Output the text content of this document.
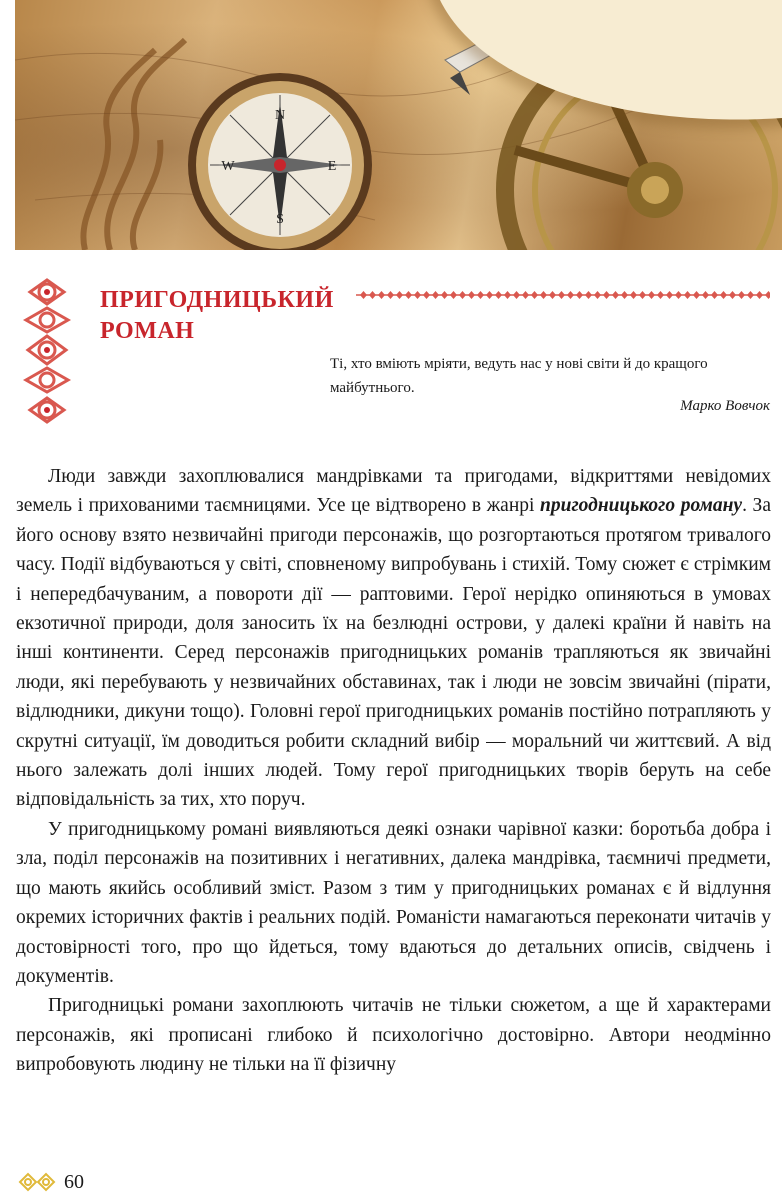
N
S
W	E
ПРИГОДНИЦЬКИЙ
РОМАН

Ті, хто вміють мріяти, ведуть нас у нові світи й до кращого майбутнього.

Марко Вовчок

Люди завжди захоплювалися мандрівками та пригодами, відкриттями невідомих земель і прихованими таємницями. Усе це відтворено в жанрі пригодницького роману. За його основу взято незвичайні пригоди персонажів, що розгортаються протягом тривалого часу. Події відбуваються у світі, сповненому випробувань і стихій. Тому сюжет є стрімким і непередбачуваним, а повороти дії — раптовими. Герої нерідко опиняються в умовах екзотичної природи, доля заносить їх на безлюдні острови, у далекі країни й навіть на інші континенти. Серед персонажів пригодницьких романів трапляються як звичайні люди, які перебувають у незвичайних обставинах, так і люди не зовсім звичайні (пірати, відлюдники, дикуни тощо). Головні герої пригодницьких романів постійно потрапляють у скрутні ситуації, їм доводиться робити складний вибір — моральний чи життєвий. А від нього залежать долі інших людей. Тому герої пригодницьких творів беруть на себе відповідальність за тих, хто поруч.

У пригодницькому романі виявляються деякі ознаки чарівної казки: боротьба добра і зла, поділ персонажів на позитивних і негативних, далека мандрівка, таємничі предмети, що мають якийсь особливий зміст. Разом з тим у пригодницьких романах є й відлуння окремих історичних фактів і реальних подій. Романісти намагаються переконати читачів у достовірності того, про що йдеться, тому вдаються до детальних описів, свідчень і документів.

Пригодницькі романи захоплюють читачів не тільки сюжетом, а ще й характерами персонажів, які прописані глибоко й психологічно достовірно. Автори неодмінно випробовують людину не тільки на її фізичну

60
